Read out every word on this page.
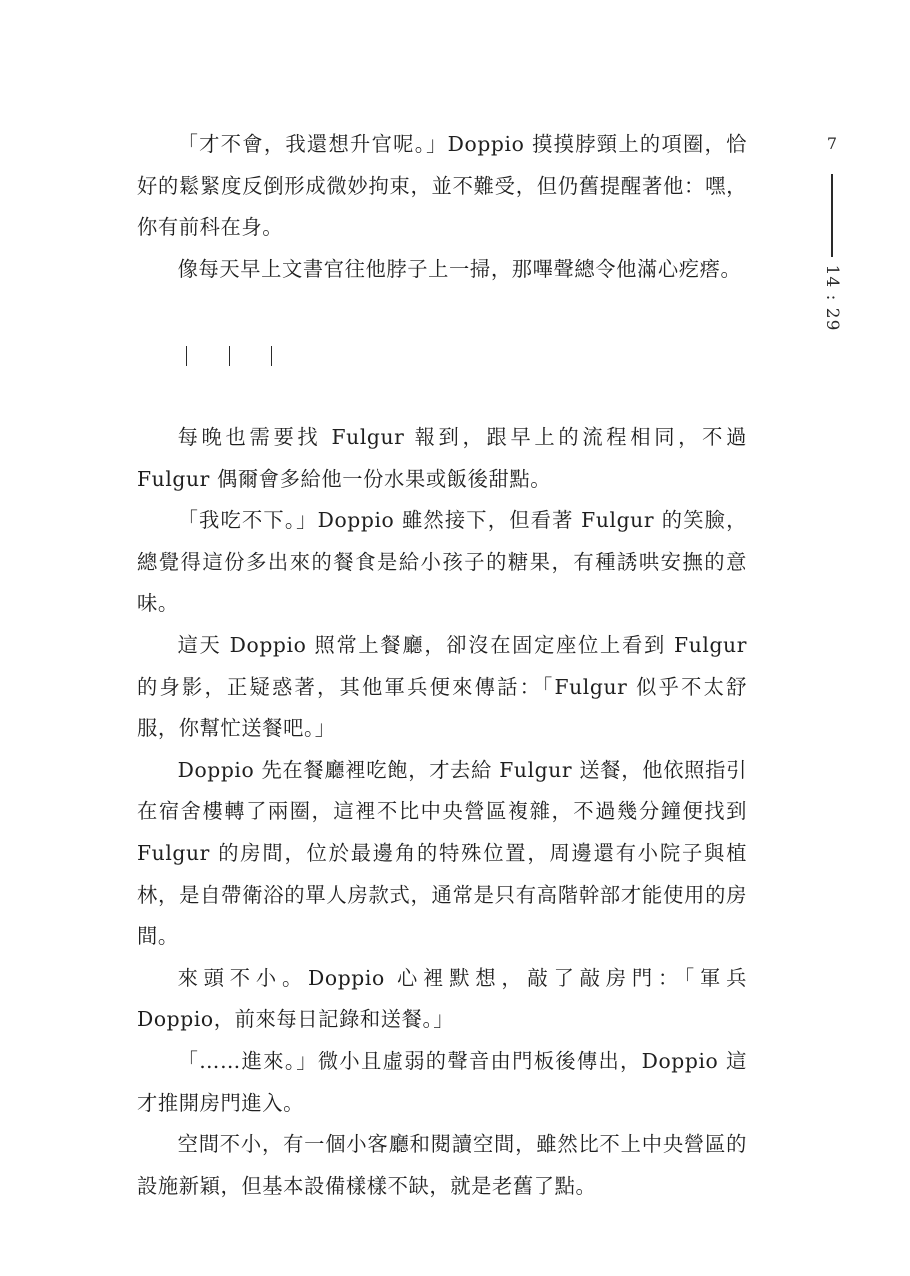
「才不會，我還想升官呢。」Doppio 摸摸脖頸上的項圈，恰好的鬆緊度反倒形成微妙拘束，並不難受，但仍舊提醒著他：嘿，你有前科在身。

像每天早上文書官往他脖子上一掃，那嗶聲總令他滿心疙瘩。

每晚也需要找 Fulgur 報到，跟早上的流程相同，不過 Fulgur 偶爾會多給他一份水果或飯後甜點。

「我吃不下。」Doppio 雖然接下，但看著 Fulgur 的笑臉，總覺得這份多出來的餐食是給小孩子的糖果，有種誘哄安撫的意味。

這天 Doppio 照常上餐廳，卻沒在固定座位上看到 Fulgur 的身影，正疑惑著，其他軍兵便來傳話：「Fulgur 似乎不太舒服，你幫忙送餐吧。」

Doppio 先在餐廳裡吃飽，才去給 Fulgur 送餐，他依照指引在宿舍樓轉了兩圈，這裡不比中央營區複雜，不過幾分鐘便找到 Fulgur 的房間，位於最邊角的特殊位置，周邊還有小院子與植林，是自帶衛浴的單人房款式，通常是只有高階幹部才能使用的房間。

來頭不小。Doppio 心裡默想，敲了敲房門：「軍兵 Doppio，前來每日記錄和送餐。」

「……進來。」微小且虛弱的聲音由門板後傳出，Doppio 這才推開房門進入。

空間不小，有一個小客廳和閱讀空間，雖然比不上中央營區的設施新穎，但基本設備樣樣不缺，就是老舊了點。

7
14 : 29
